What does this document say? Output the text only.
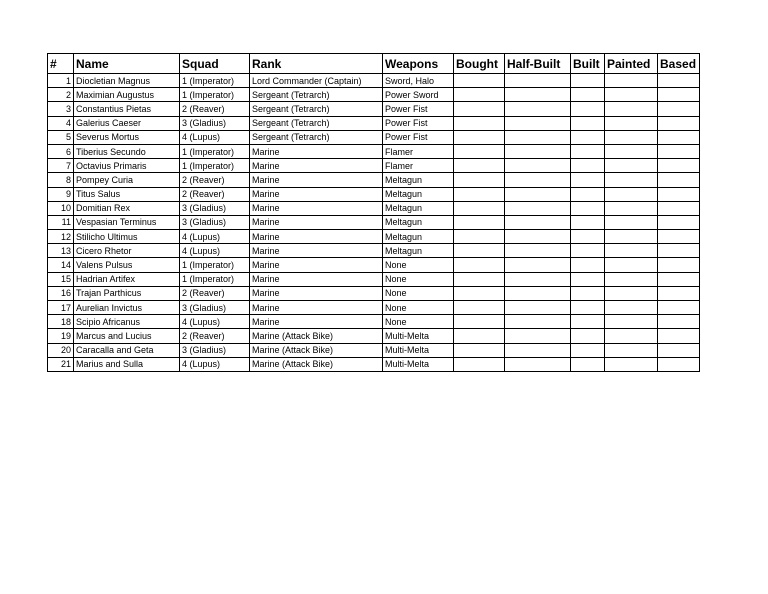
#	Name	Squad	Rank	Weapons	Bought	Half-Built	Built	Painted	Based
1	Diocletian Magnus	1 (Imperator)	Lord Commander (Captain)	Sword, Halo					
2	Maximian Augustus	1 (Imperator)	Sergeant (Tetrarch)	Power Sword					
3	Constantius Pietas	2 (Reaver)	Sergeant (Tetrarch)	Power Fist					
4	Galerius Caeser	3 (Gladius)	Sergeant (Tetrarch)	Power Fist					
5	Severus Mortus	4 (Lupus)	Sergeant (Tetrarch)	Power Fist					
6	Tiberius Secundo	1 (Imperator)	Marine	Flamer					
7	Octavius Primaris	1 (Imperator)	Marine	Flamer					
8	Pompey Curia	2 (Reaver)	Marine	Meltagun					
9	Titus Salus	2 (Reaver)	Marine	Meltagun					
10	Domitian Rex	3 (Gladius)	Marine	Meltagun					
11	Vespasian Terminus	3 (Gladius)	Marine	Meltagun					
12	Stilicho Ultimus	4 (Lupus)	Marine	Meltagun					
13	Cicero Rhetor	4 (Lupus)	Marine	Meltagun					
14	Valens Pulsus	1 (Imperator)	Marine	None					
15	Hadrian Artifex	1 (Imperator)	Marine	None					
16	Trajan Parthicus	2 (Reaver)	Marine	None					
17	Aurelian Invictus	3 (Gladius)	Marine	None					
18	Scipio Africanus	4 (Lupus)	Marine	None					
19	Marcus and Lucius	2 (Reaver)	Marine (Attack Bike)	Multi-Melta					
20	Caracalla and Geta	3 (Gladius)	Marine (Attack Bike)	Multi-Melta					
21	Marius and Sulla	4 (Lupus)	Marine (Attack Bike)	Multi-Melta					
